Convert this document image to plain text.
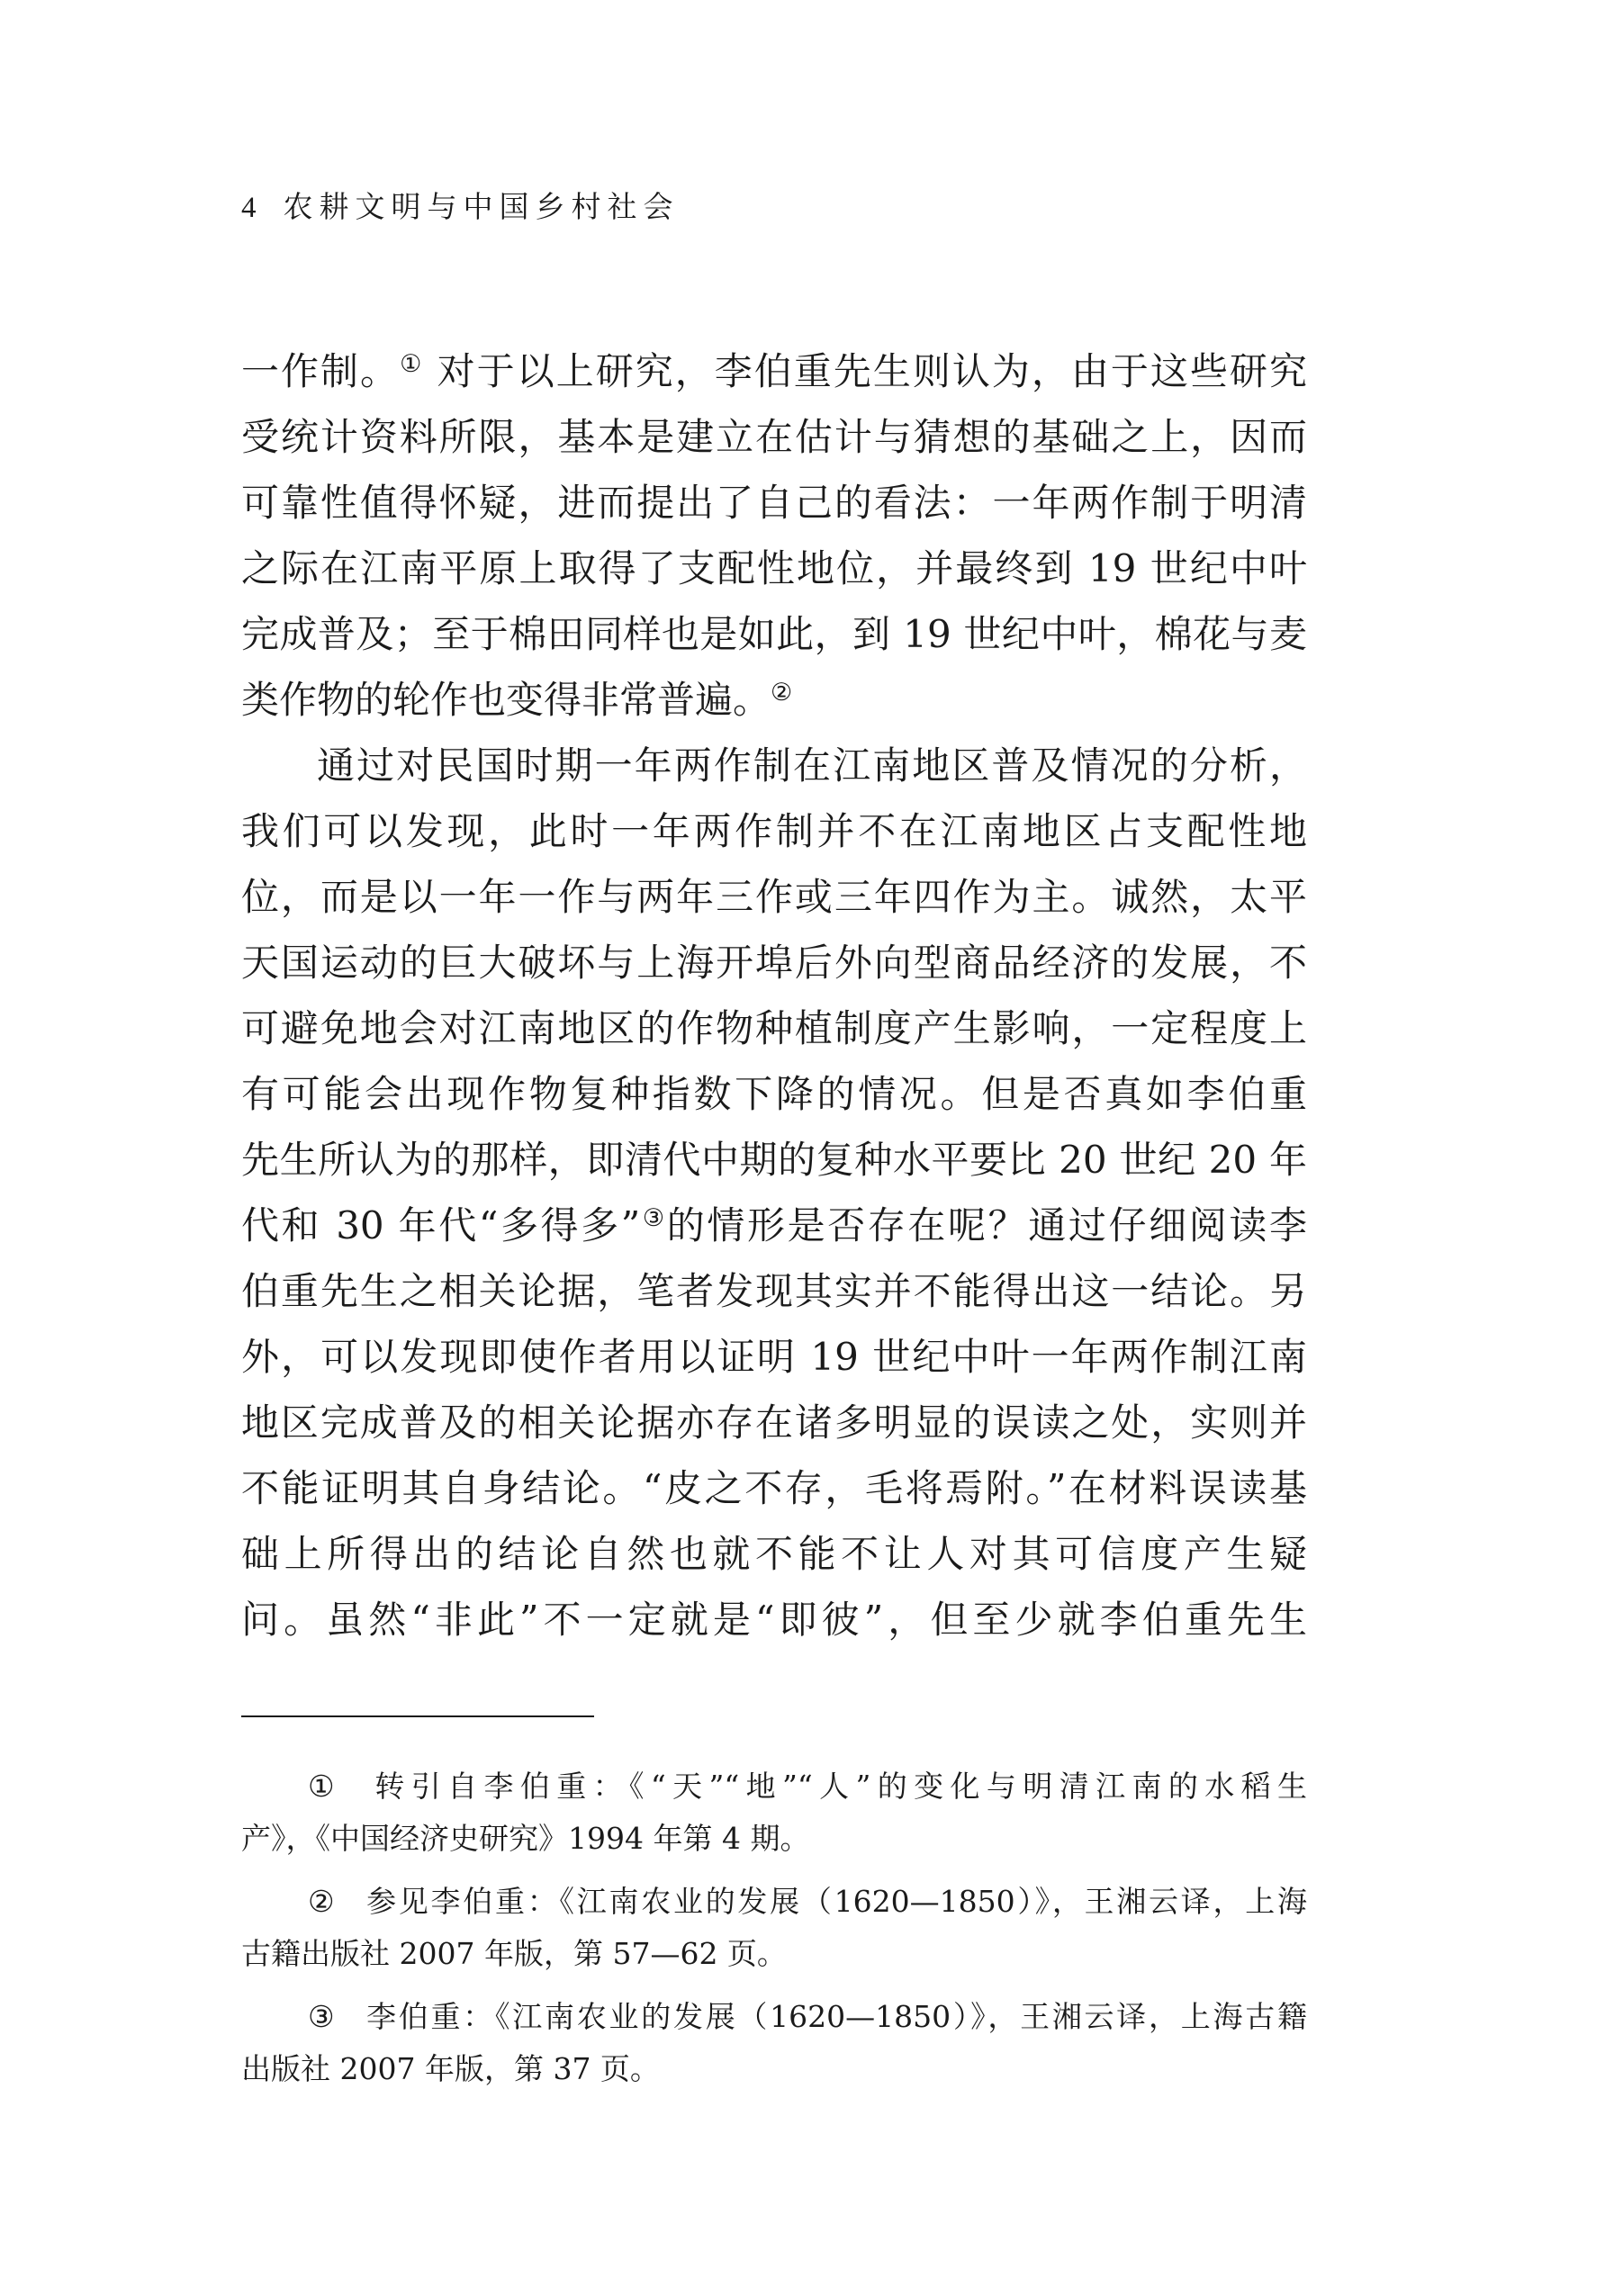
4 农耕文明与中国乡村社会
一作制。① 对于以上研究，李伯重先生则认为，由于这些研究
受统计资料所限，基本是建立在估计与猜想的基础之上，因而
可靠性值得怀疑，进而提出了自己的看法：一年两作制于明清
之际在江南平原上取得了支配性地位，并最终到 19 世纪中叶
完成普及；至于棉田同样也是如此，到 19 世纪中叶，棉花与麦
类作物的轮作也变得非常普遍。②
通过对民国时期一年两作制在江南地区普及情况的分析，
我们可以发现，此时一年两作制并不在江南地区占支配性地
位，而是以一年一作与两年三作或三年四作为主。诚然，太平
天国运动的巨大破坏与上海开埠后外向型商品经济的发展，不
可避免地会对江南地区的作物种植制度产生影响，一定程度上
有可能会出现作物复种指数下降的情况。但是否真如李伯重
先生所认为的那样，即清代中期的复种水平要比 20 世纪 20 年
代和 30 年代“多得多”③的情形是否存在呢？通过仔细阅读李
伯重先生之相关论据，笔者发现其实并不能得出这一结论。另
外，可以发现即使作者用以证明 19 世纪中叶一年两作制江南
地区完成普及的相关论据亦存在诸多明显的误读之处，实则并
不能证明其自身结论。“皮之不存，毛将焉附。”在材料误读基
础上所得出的结论自然也就不能不让人对其可信度产生疑
问。虽然“非此”不一定就是“即彼”，但至少就李伯重先生
① 转引自李伯重：《“天”“地”“人”的变化与明清江南的水稻生
产》，《中国经济史研究》1994 年第 4 期。
② 参见李伯重：《江南农业的发展（1620—1850）》，王湘云译，上海
古籍出版社 2007 年版，第 57—62 页。
③ 李伯重：《江南农业的发展（1620—1850）》，王湘云译，上海古籍
出版社 2007 年版，第 37 页。
